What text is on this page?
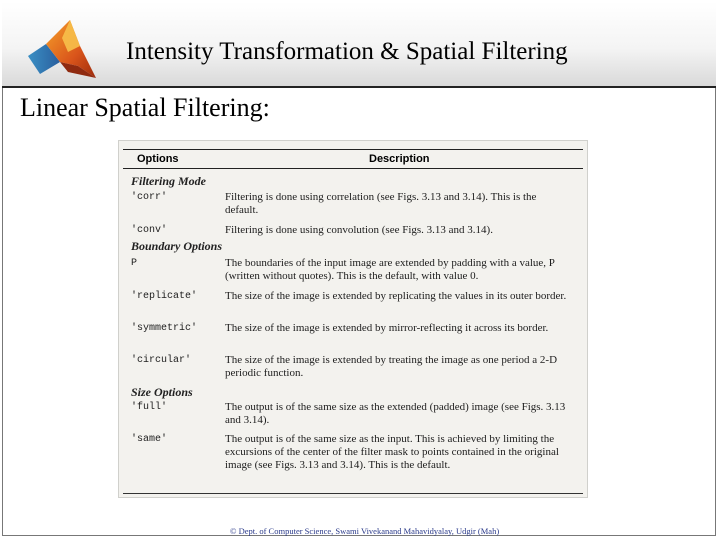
Intensity Transformation & Spatial Filtering
Linear Spatial Filtering:
Options	Description
Filtering Mode
'corr'	Filtering is done using correlation (see Figs. 3.13 and 3.14). This is the default.
'conv'	Filtering is done using convolution (see Figs. 3.13 and 3.14).
Boundary Options
P	The boundaries of the input image are extended by padding with a value, P (written without quotes). This is the default, with value 0.
'replicate'	The size of the image is extended by replicating the values in its outer border.
'symmetric'	The size of the image is extended by mirror-reflecting it across its border.
'circular'	The size of the image is extended by treating the image as one period a 2-D periodic function.
Size Options
'full'	The output is of the same size as the extended (padded) image (see Figs. 3.13 and 3.14).
'same'	The output is of the same size as the input. This is achieved by limiting the excursions of the center of the filter mask to points contained in the original image (see Figs. 3.13 and 3.14). This is the default.
© Dept. of Computer Science, Swami Vivekanand Mahavidyalay, Udgir (Mah)
